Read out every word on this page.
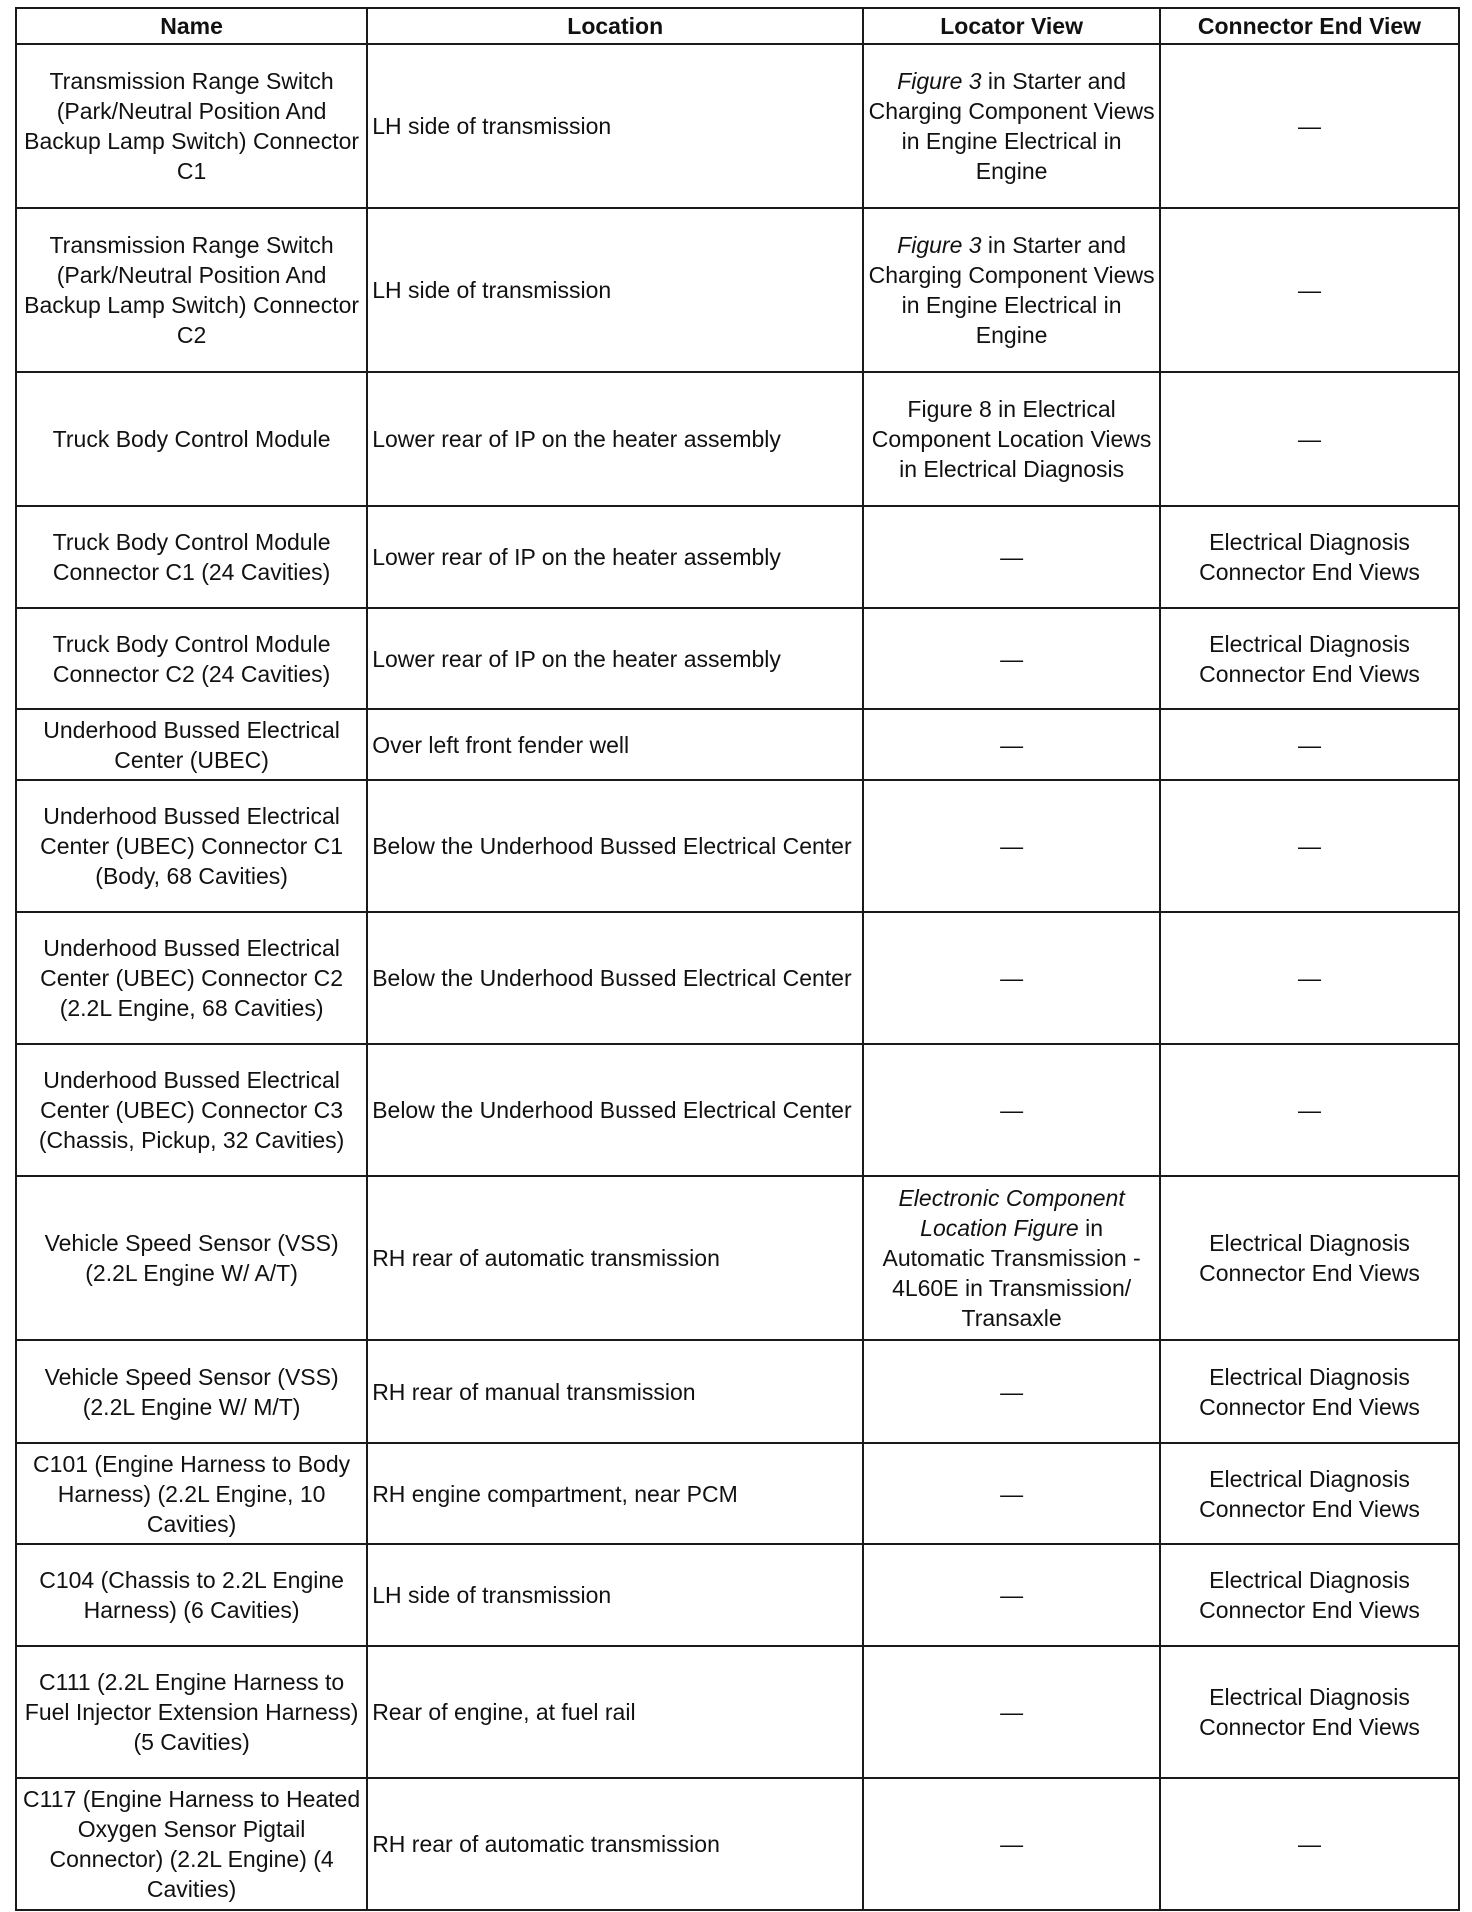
Name	Location	Locator View	Connector End View
Transmission Range Switch (Park/Neutral Position And Backup Lamp Switch) Connector C1	LH side of transmission	Figure 3 in Starter and Charging Component Views in Engine Electrical in Engine	—
Transmission Range Switch (Park/Neutral Position And Backup Lamp Switch) Connector C2	LH side of transmission	Figure 3 in Starter and Charging Component Views in Engine Electrical in Engine	—
Truck Body Control Module	Lower rear of IP on the heater assembly	Figure 8 in Electrical Component Location Views in Electrical Diagnosis	—
Truck Body Control Module Connector C1 (24 Cavities)	Lower rear of IP on the heater assembly	—	Electrical Diagnosis Connector End Views
Truck Body Control Module Connector C2 (24 Cavities)	Lower rear of IP on the heater assembly	—	Electrical Diagnosis Connector End Views
Underhood Bussed Electrical Center (UBEC)	Over left front fender well	—	—
Underhood Bussed Electrical Center (UBEC) Connector C1 (Body, 68 Cavities)	Below the Underhood Bussed Electrical Center	—	—
Underhood Bussed Electrical Center (UBEC) Connector C2 (2.2L Engine, 68 Cavities)	Below the Underhood Bussed Electrical Center	—	—
Underhood Bussed Electrical Center (UBEC) Connector C3 (Chassis, Pickup, 32 Cavities)	Below the Underhood Bussed Electrical Center	—	—
Vehicle Speed Sensor (VSS) (2.2L Engine W/ A/T)	RH rear of automatic transmission	Electronic Component Location Figure in Automatic Transmission - 4L60E in Transmission/ Transaxle	Electrical Diagnosis Connector End Views
Vehicle Speed Sensor (VSS) (2.2L Engine W/ M/T)	RH rear of manual transmission	—	Electrical Diagnosis Connector End Views
C101 (Engine Harness to Body Harness) (2.2L Engine, 10 Cavities)	RH engine compartment, near PCM	—	Electrical Diagnosis Connector End Views
C104 (Chassis to 2.2L Engine Harness) (6 Cavities)	LH side of transmission	—	Electrical Diagnosis Connector End Views
C111 (2.2L Engine Harness to Fuel Injector Extension Harness) (5 Cavities)	Rear of engine, at fuel rail	—	Electrical Diagnosis Connector End Views
C117 (Engine Harness to Heated Oxygen Sensor Pigtail Connector) (2.2L Engine) (4 Cavities)	RH rear of automatic transmission	—	—
